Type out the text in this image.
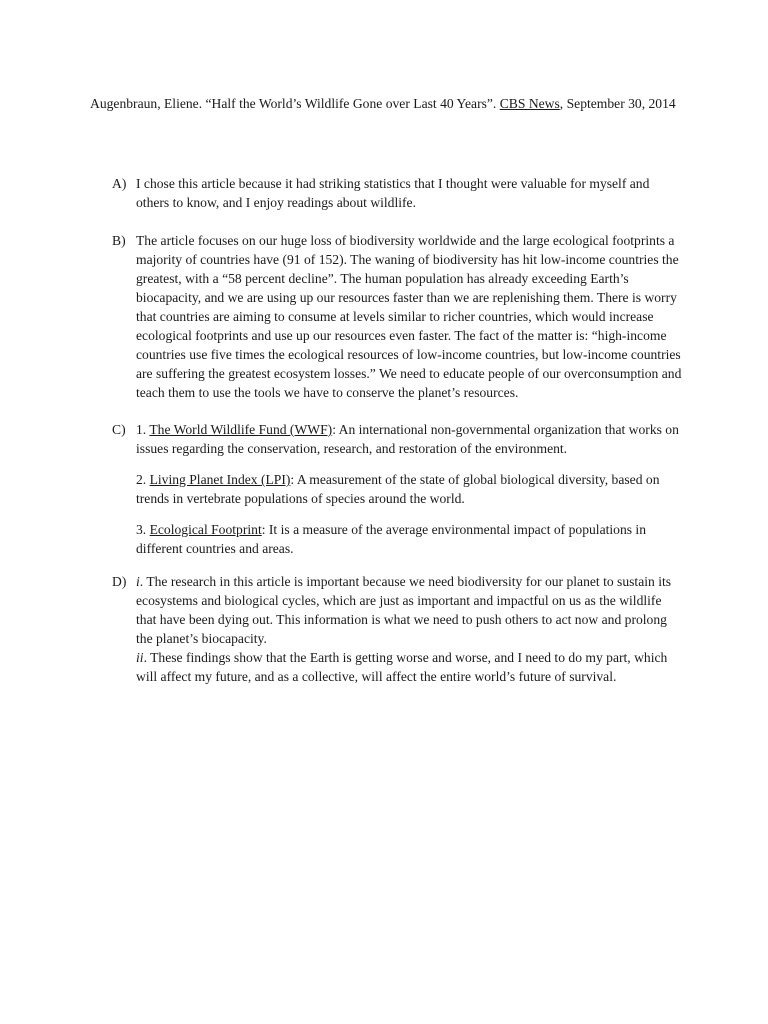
Augenbraun, Eliene. “Half the World’s Wildlife Gone over Last 40 Years”. CBS News, September 30, 2014
A) I chose this article because it had striking statistics that I thought were valuable for myself and others to know, and I enjoy readings about wildlife.

B) The article focuses on our huge loss of biodiversity worldwide and the large ecological footprints a majority of countries have (91 of 152). The waning of biodiversity has hit low-income countries the greatest, with a “58 percent decline”. The human population has already exceeding Earth’s biocapacity, and we are using up our resources faster than we are replenishing them. There is worry that countries are aiming to consume at levels similar to richer countries, which would increase ecological footprints and use up our resources even faster. The fact of the matter is: “high-income countries use five times the ecological resources of low-income countries, but low-income countries are suffering the greatest ecosystem losses.” We need to educate people of our overconsumption and teach them to use the tools we have to conserve the planet’s resources.

C) 1. The World Wildlife Fund (WWF): An international non-governmental organization that works on issues regarding the conservation, research, and restoration of the environment.

2. Living Planet Index (LPI): A measurement of the state of global biological diversity, based on trends in vertebrate populations of species around the world.

3. Ecological Footprint: It is a measure of the average environmental impact of populations in different countries and areas.

D) i. The research in this article is important because we need biodiversity for our planet to sustain its ecosystems and biological cycles, which are just as important and impactful on us as the wildlife that have been dying out. This information is what we need to push others to act now and prolong the planet’s biocapacity.

ii. These findings show that the Earth is getting worse and worse, and I need to do my part, which will affect my future, and as a collective, will affect the entire world’s future of survival.
